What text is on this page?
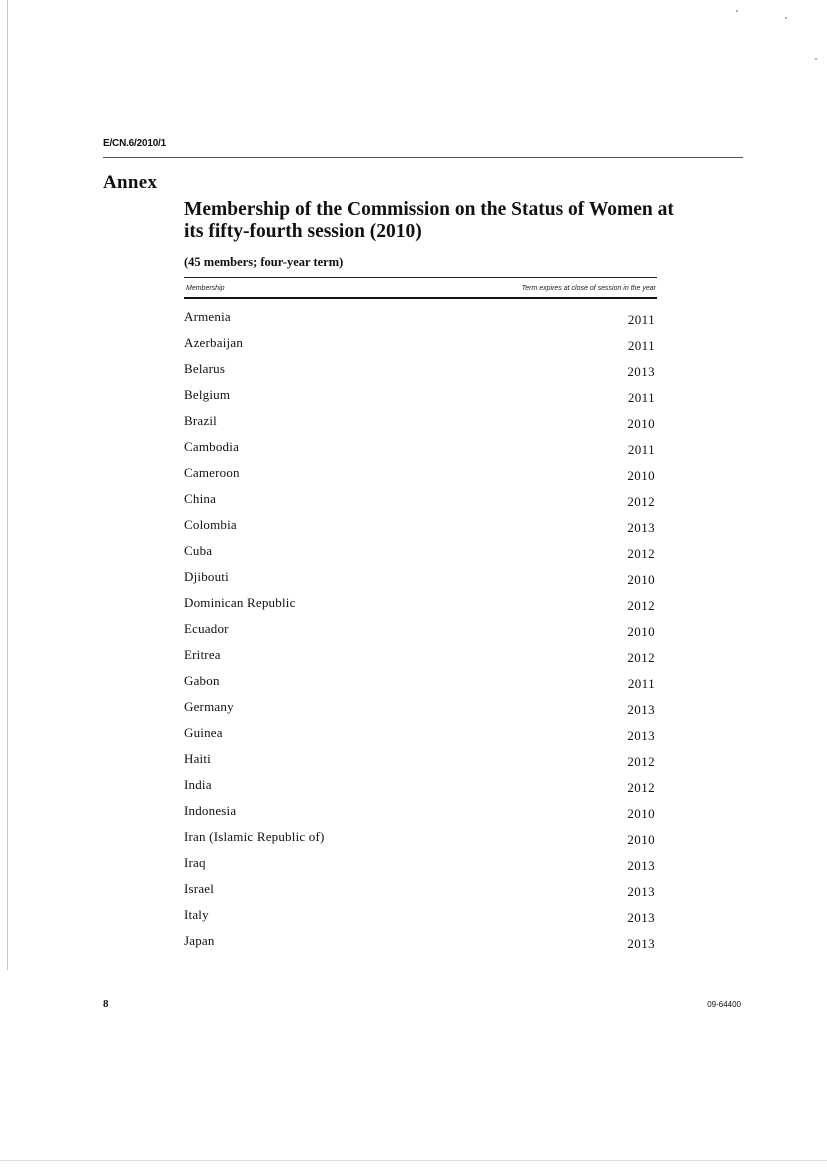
E/CN.6/2010/1
Annex
Membership of the Commission on the Status of Women at its fifty-fourth session (2010)
(45 members; four-year term)
Membership	Term expires at close of session in the year
Armenia	2011
Azerbaijan	2011
Belarus	2013
Belgium	2011
Brazil	2010
Cambodia	2011
Cameroon	2010
China	2012
Colombia	2013
Cuba	2012
Djibouti	2010
Dominican Republic	2012
Ecuador	2010
Eritrea	2012
Gabon	2011
Germany	2013
Guinea	2013
Haiti	2012
India	2012
Indonesia	2010
Iran (Islamic Republic of)	2010
Iraq	2013
Israel	2013
Italy	2013
Japan	2013
8	09-64400
